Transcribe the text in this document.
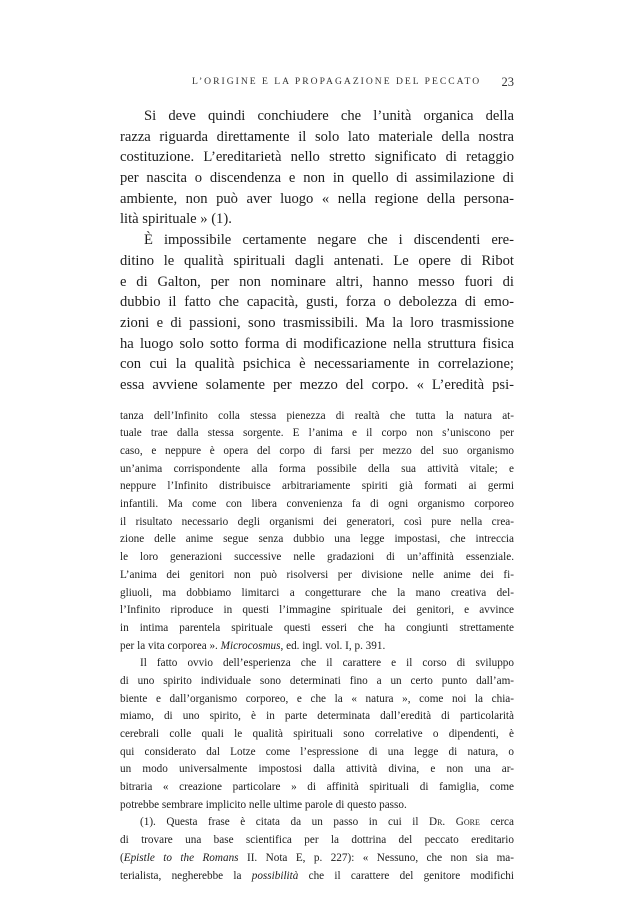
L’ORIGINE E LA PROPAGAZIONE DEL PECCATO 23
Si deve quindi conchiudere che l’unità organica della
razza riguarda direttamente il solo lato materiale della nostra
costituzione. L’ereditarietà nello stretto significato di retaggio
per nascita o discendenza e non in quello di assimilazione di
ambiente, non può aver luogo « nella regione della persona-
lità spirituale » (1).
È impossibile certamente negare che i discendenti ere-
ditino le qualità spirituali dagli antenati. Le opere di Ribot
e di Galton, per non nominare altri, hanno messo fuori di
dubbio il fatto che capacità, gusti, forza o debolezza di emo-
zioni e di passioni, sono trasmissibili. Ma la loro trasmissione
ha luogo solo sotto forma di modificazione nella struttura fisica
con cui la qualità psichica è necessariamente in correlazione;
essa avviene solamente per mezzo del corpo. « L’eredità psi-
tanza dell’Infinito colla stessa pienezza di realtà che tutta la natura at-
tuale trae dalla stessa sorgente. E l’anima e il corpo non s’uniscono per
caso, e neppure è opera del corpo di farsi per mezzo del suo organismo
un’anima corrispondente alla forma possibile della sua attività vitale; e
neppure l’Infinito distribuisce arbitrariamente spiriti già formati ai germi
infantili. Ma come con libera convenienza fa di ogni organismo corporeo
il risultato necessario degli organismi dei generatori, così pure nella crea-
zione delle anime segue senza dubbio una legge impostasi, che intreccia
le loro generazioni successive nelle gradazioni di un’affinità essenziale.
L’anima dei genitori non può risolversi per divisione nelle anime dei fi-
gliuoli, ma dobbiamo limitarci a congetturare che la mano creativa del-
l’Infinito riproduce in questi l’immagine spirituale dei genitori, e avvince
in intima parentela spirituale questi esseri che ha congiunti strettamente
per la vita corporea ». Microcosmus, ed. ingl. vol. I, p. 391.
Il fatto ovvio dell’esperienza che il carattere e il corso di sviluppo
di uno spirito individuale sono determinati fino a un certo punto dall’am-
biente e dall’organismo corporeo, e che la « natura », come noi la chia-
miamo, di uno spirito, è in parte determinata dall’eredità di particolarità
cerebrali colle quali le qualità spirituali sono correlative o dipendenti, è
qui considerato dal Lotze come l’espressione di una legge di natura, o
un modo universalmente impostosi dalla attività divina, e non una ar-
bitraria « creazione particolare » di affinità spirituali di famiglia, come
potrebbe sembrare implicito nelle ultime parole di questo passo.
(1). Questa frase è citata da un passo in cui il Dr. Gore cerca
di trovare una base scientifica per la dottrina del peccato ereditario
(Epistle to the Romans II. Nota E, p. 227): « Nessuno, che non sia ma-
terialista, negherebbe la possibilità che il carattere del genitore modifichi
